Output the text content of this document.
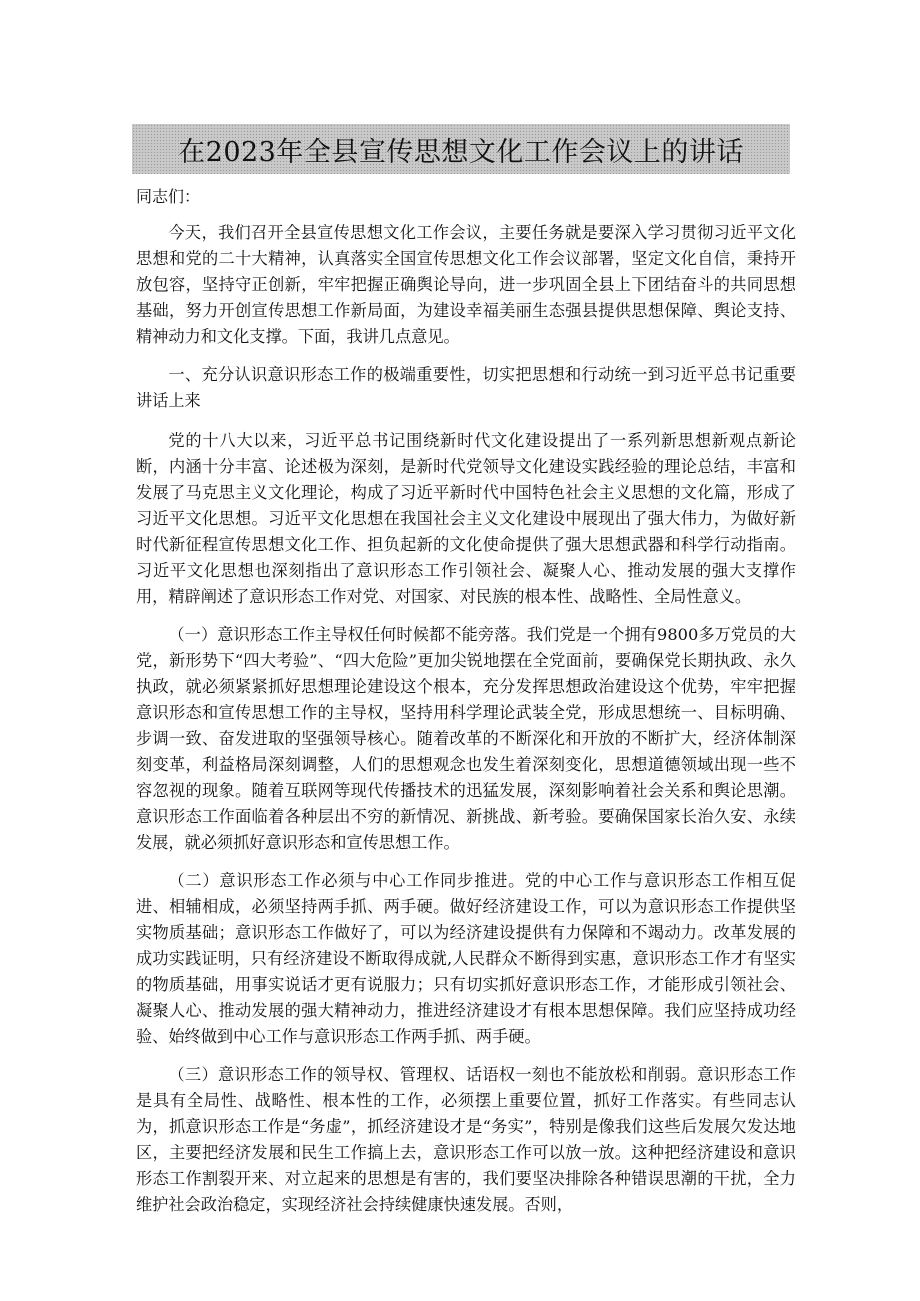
在2023年全县宣传思想文化工作会议上的讲话
同志们：

今天，我们召开全县宣传思想文化工作会议，主要任务就是要深入学习贯彻习近平文化思想和党的二十大精神，认真落实全国宣传思想文化工作会议部署，坚定文化自信，秉持开放包容，坚持守正创新，牢牢把握正确舆论导向，进一步巩固全县上下团结奋斗的共同思想基础，努力开创宣传思想工作新局面，为建设幸福美丽生态强县提供思想保障、舆论支持、精神动力和文化支撑。下面，我讲几点意见。

一、充分认识意识形态工作的极端重要性，切实把思想和行动统一到习近平总书记重要讲话上来

党的十八大以来，习近平总书记围绕新时代文化建设提出了一系列新思想新观点新论断，内涵十分丰富、论述极为深刻，是新时代党领导文化建设实践经验的理论总结，丰富和发展了马克思主义文化理论，构成了习近平新时代中国特色社会主义思想的文化篇，形成了习近平文化思想。习近平文化思想在我国社会主义文化建设中展现出了强大伟力，为做好新时代新征程宣传思想文化工作、担负起新的文化使命提供了强大思想武器和科学行动指南。习近平文化思想也深刻指出了意识形态工作引领社会、凝聚人心、推动发展的强大支撑作用，精辟阐述了意识形态工作对党、对国家、对民族的根本性、战略性、全局性意义。

（一）意识形态工作主导权任何时候都不能旁落。我们党是一个拥有9800多万党员的大党，新形势下“四大考验”、“四大危险”更加尖锐地摆在全党面前，要确保党长期执政、永久执政，就必须紧紧抓好思想理论建设这个根本，充分发挥思想政治建设这个优势，牢牢把握意识形态和宣传思想工作的主导权，坚持用科学理论武装全党，形成思想统一、目标明确、步调一致、奋发进取的坚强领导核心。随着改革的不断深化和开放的不断扩大，经济体制深刻变革，利益格局深刻调整，人们的思想观念也发生着深刻变化，思想道德领域出现一些不容忽视的现象。随着互联网等现代传播技术的迅猛发展，深刻影响着社会关系和舆论思潮。意识形态工作面临着各种层出不穷的新情况、新挑战、新考验。要确保国家长治久安、永续发展，就必须抓好意识形态和宣传思想工作。

（二）意识形态工作必须与中心工作同步推进。党的中心工作与意识形态工作相互促进、相辅相成，必须坚持两手抓、两手硬。做好经济建设工作，可以为意识形态工作提供坚实物质基础；意识形态工作做好了，可以为经济建设提供有力保障和不竭动力。改革发展的成功实践证明，只有经济建设不断取得成就,人民群众不断得到实惠，意识形态工作才有坚实的物质基础，用事实说话才更有说服力；只有切实抓好意识形态工作，才能形成引领社会、凝聚人心、推动发展的强大精神动力，推进经济建设才有根本思想保障。我们应坚持成功经验、始终做到中心工作与意识形态工作两手抓、两手硬。

（三）意识形态工作的领导权、管理权、话语权一刻也不能放松和削弱。意识形态工作是具有全局性、战略性、根本性的工作，必须摆上重要位置，抓好工作落实。有些同志认为，抓意识形态工作是“务虚”，抓经济建设才是“务实”，特别是像我们这些后发展欠发达地区，主要把经济发展和民生工作搞上去，意识形态工作可以放一放。这种把经济建设和意识形态工作割裂开来、对立起来的思想是有害的，我们要坚决排除各种错误思潮的干扰，全力维护社会政治稳定，实现经济社会持续健康快速发展。否则，
